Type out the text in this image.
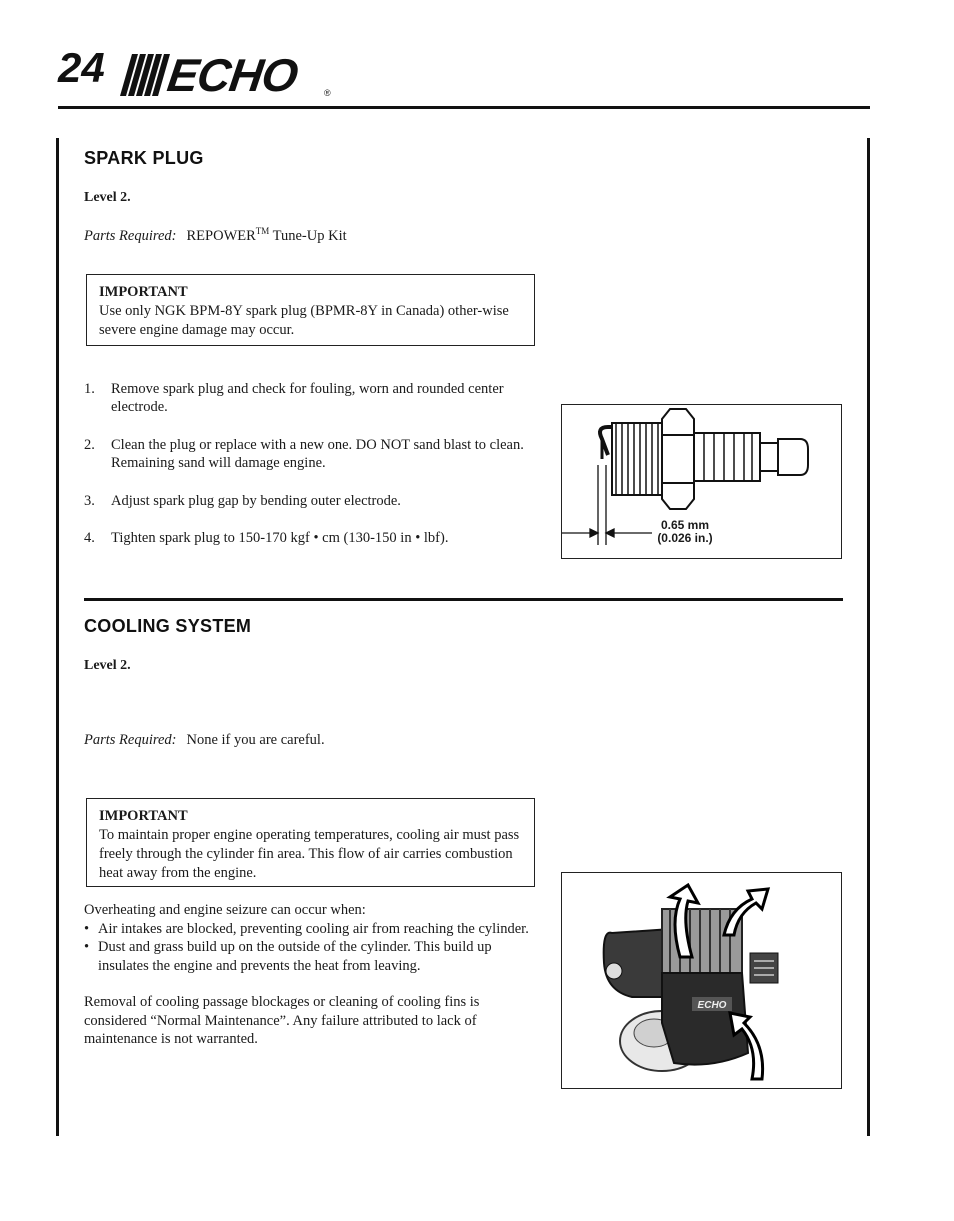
24 ECHO	®
SPARK PLUG
Level 2.
Parts Required: REPOWER™ Tune-Up Kit
IMPORTANT
Use only NGK BPM-8Y spark plug (BPMR-8Y in Canada) other-wise severe engine damage may occur.
1. Remove spark plug and check for fouling, worn and rounded center electrode.
2. Clean the plug or replace with a new one. DO NOT sand blast to clean. Remaining sand will damage engine.
3. Adjust spark plug gap by bending outer electrode.
4. Tighten spark plug to 150-170 kgf • cm (130-150 in • lbf).
0.65 mm
(0.026 in.)
COOLING SYSTEM
Level 2.
Parts Required: None if you are careful.
IMPORTANT
To maintain proper engine operating temperatures, cooling air must pass freely through the cylinder fin area. This flow of air carries combustion heat away from the engine.
Overheating and engine seizure can occur when:
• Air intakes are blocked, preventing cooling air from reaching the cylinder.
• Dust and grass build up on the outside of the cylinder. This build up insulates the engine and prevents the heat from leaving.
Removal of cooling passage blockages or cleaning of cooling fins is considered “Normal Maintenance”. Any failure attributed to lack of maintenance is not warranted.
ECHO
